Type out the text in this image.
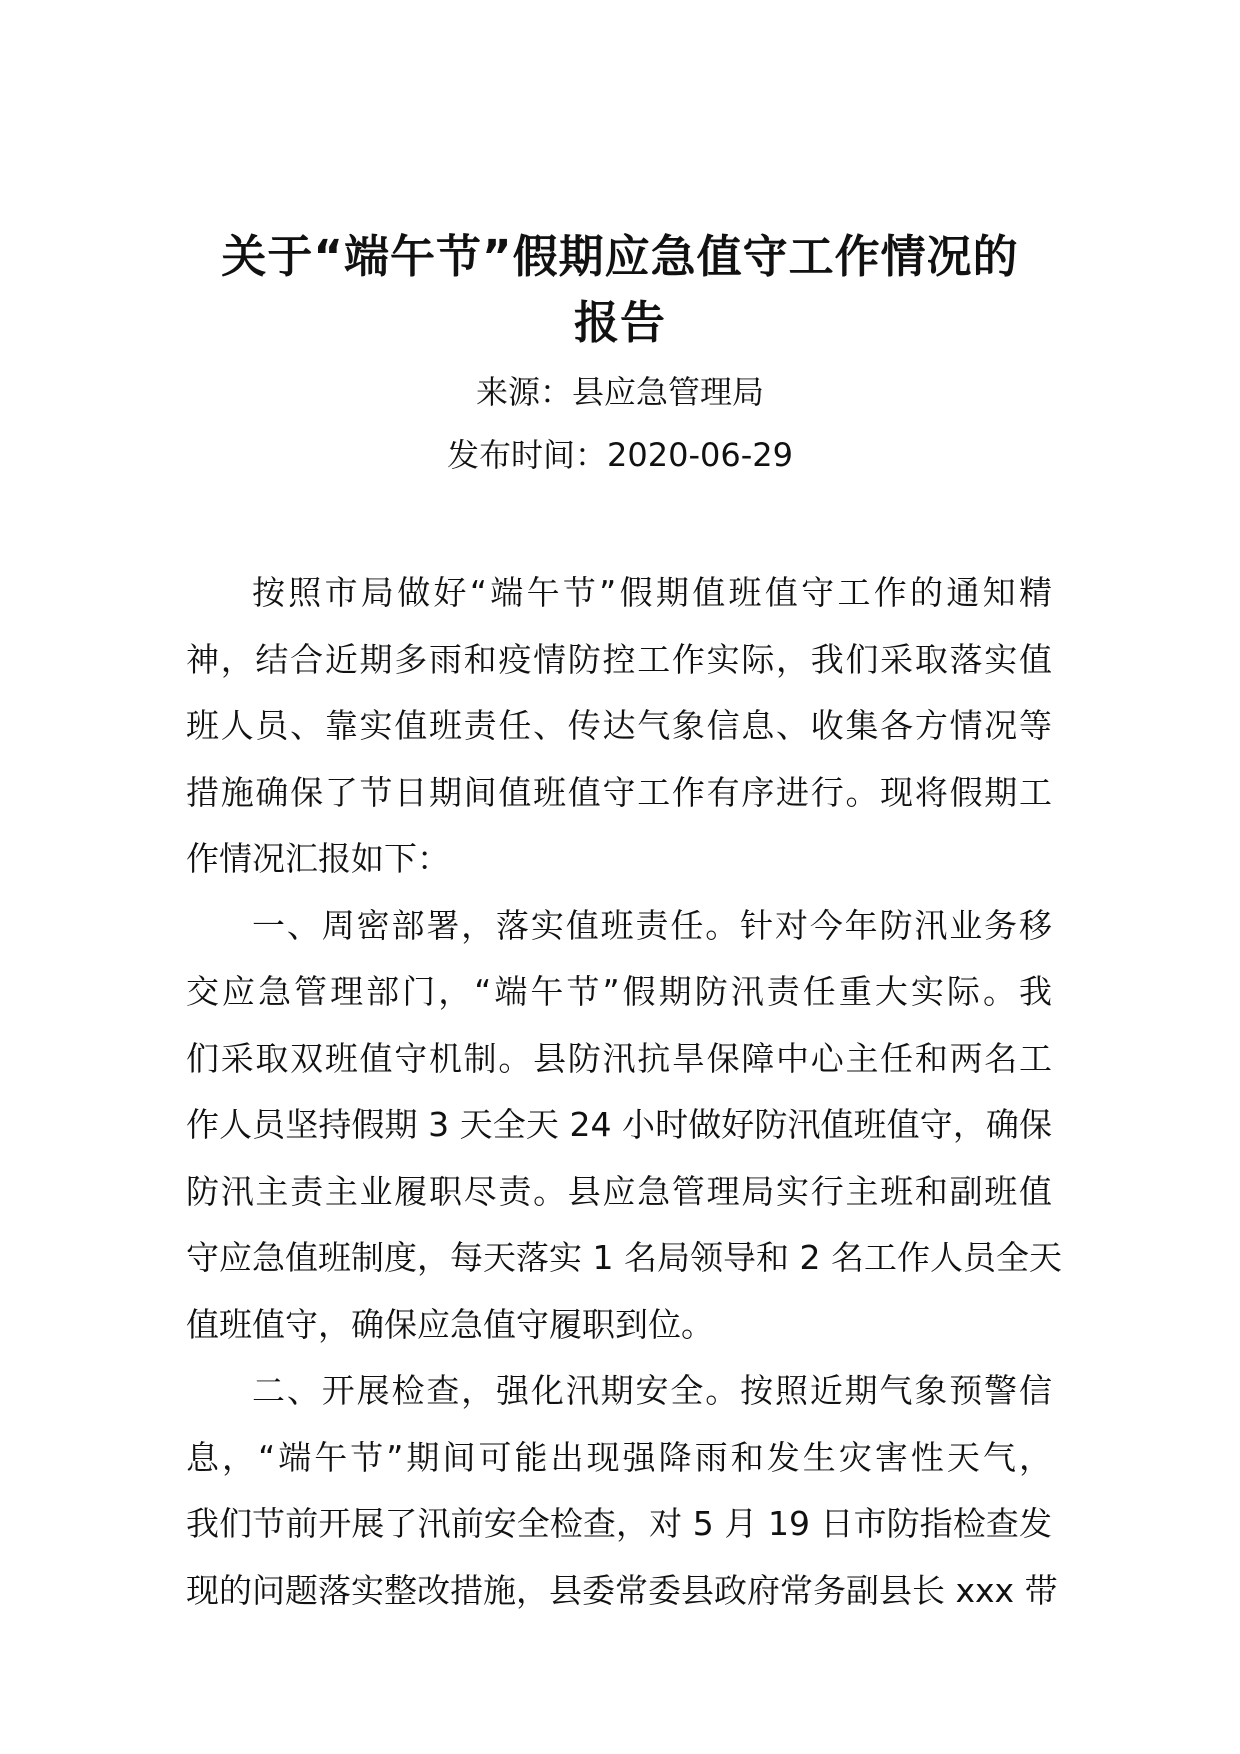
关于“端午节”假期应急值守工作情况的
报告

来源：县应急管理局

发布时间：2020-06-29

按照市局做好“端午节”假期值班值守工作的通知精
神，结合近期多雨和疫情防控工作实际，我们采取落实值
班人员、靠实值班责任、传达气象信息、收集各方情况等
措施确保了节日期间值班值守工作有序进行。现将假期工
作情况汇报如下：
一、周密部署，落实值班责任。针对今年防汛业务移
交应急管理部门，“端午节”假期防汛责任重大实际。我
们采取双班值守机制。县防汛抗旱保障中心主任和两名工
作人员坚持假期 3 天全天 24 小时做好防汛值班值守，确保
防汛主责主业履职尽责。县应急管理局实行主班和副班值
守应急值班制度，每天落实 1 名局领导和 2 名工作人员全天
值班值守，确保应急值守履职到位。
二、开展检查，强化汛期安全。按照近期气象预警信
息，“端午节”期间可能出现强降雨和发生灾害性天气，
我们节前开展了汛前安全检查，对 5 月 19 日市防指检查发
现的问题落实整改措施，县委常委县政府常务副县长 xxx 带
